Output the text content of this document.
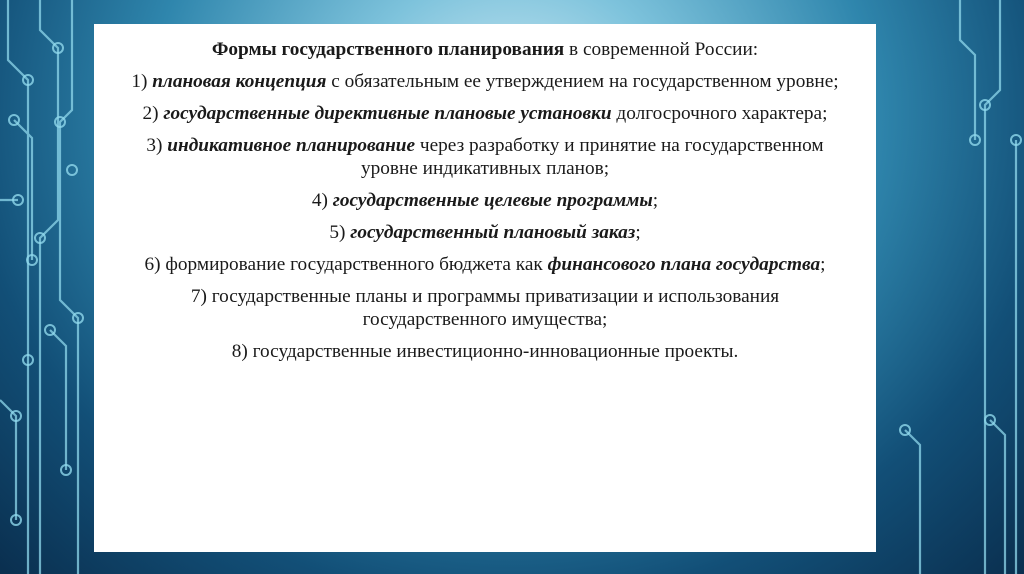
Формы государственного планирования в современной России:

1) плановая концепция с обязательным ее утверждением на государственном уровне;

2) государственные директивные плановые установки долгосрочного характера;

3) индикативное планирование через разработку и принятие на государственном уровне индикативных планов;

4) государственные целевые программы;

5) государственный плановый заказ;

6) формирование государственного бюджета как финансового плана государства;

7) государственные планы и программы приватизации и использования государственного имущества;

8) государственные инвестиционно-инновационные проекты.
